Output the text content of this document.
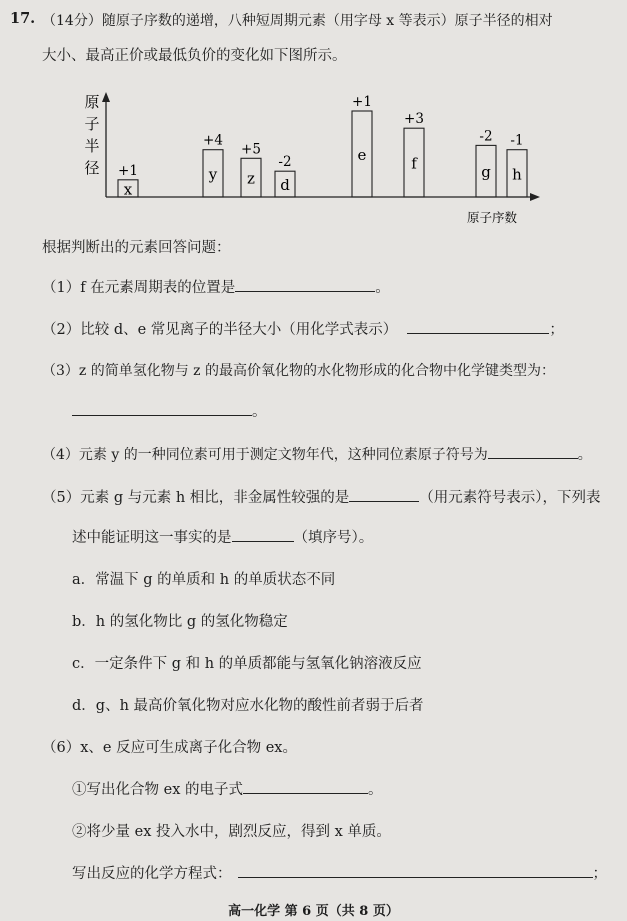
17. （14分）随原子序数的递增，八种短周期元素（用字母 x 等表示）原子半径的相对
大小、最高正价或最低负价的变化如下图所示。
原
子
半
径
原子序数
x
+1	y
+4
z
+5
d
-2	e
+1
f
+3
g
-2
h
-1
根据判断出的元素回答问题：
（1）f 在元素周期表的位置是	。
（2）比较 d、e 常见离子的半径大小（用化学式表示）	；
（3）z 的简单氢化物与 z 的最高价氧化物的水化物形成的化合物中化学键类型为：
。
（4）元素 y 的一种同位素可用于测定文物年代，这种同位素原子符号为	。
（5）元素 g 与元素 h 相比，非金属性较强的是	（用元素符号表示），下列表
述中能证明这一事实的是	（填序号）。
a．常温下 g 的单质和 h 的单质状态不同
b．h 的氢化物比 g 的氢化物稳定
c．一定条件下 g 和 h 的单质都能与氢氧化钠溶液反应
d．g、h 最高价氧化物对应水化物的酸性前者弱于后者
（6）x、e 反应可生成离子化合物 ex。
①写出化合物 ex 的电子式	。
②将少量 ex 投入水中，剧烈反应，得到 x 单质。
写出反应的化学方程式：	；
高一化学 第 6 页（共 8 页）
